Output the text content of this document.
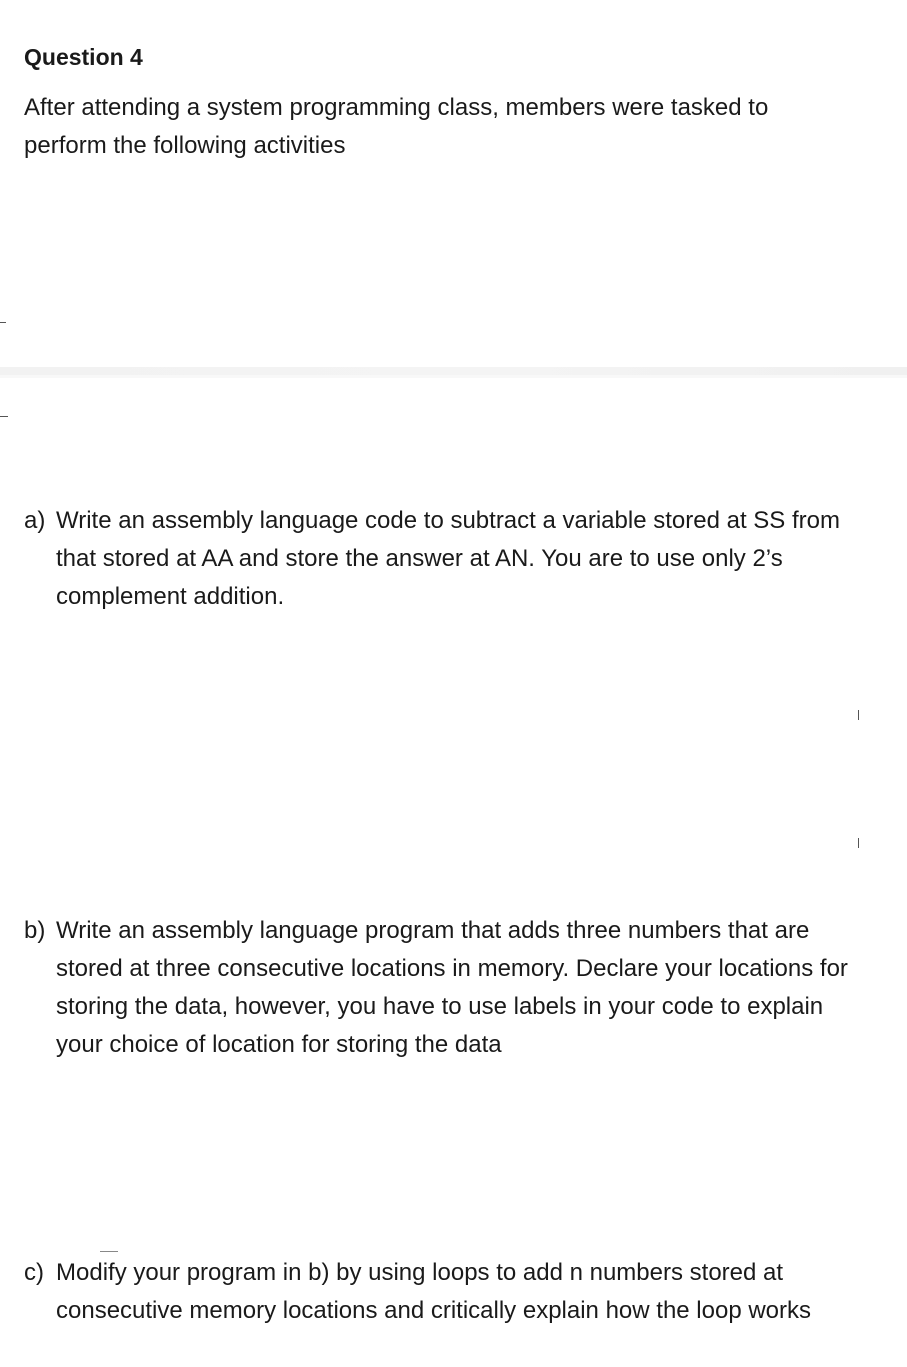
Question 4

After attending a system programming class, members were tasked to perform the following activities

a) Write an assembly language code to subtract a variable stored at SS from that stored at AA and store the answer at AN. You are to use only 2’s complement addition.
b) Write an assembly language program that adds three numbers that are stored at three consecutive locations in memory. Declare your locations for storing the data, however, you have to use labels in your code to explain your choice of location for storing the data
c) Modify your program in b) by using loops to add n numbers stored at consecutive memory locations and critically explain how the loop works
